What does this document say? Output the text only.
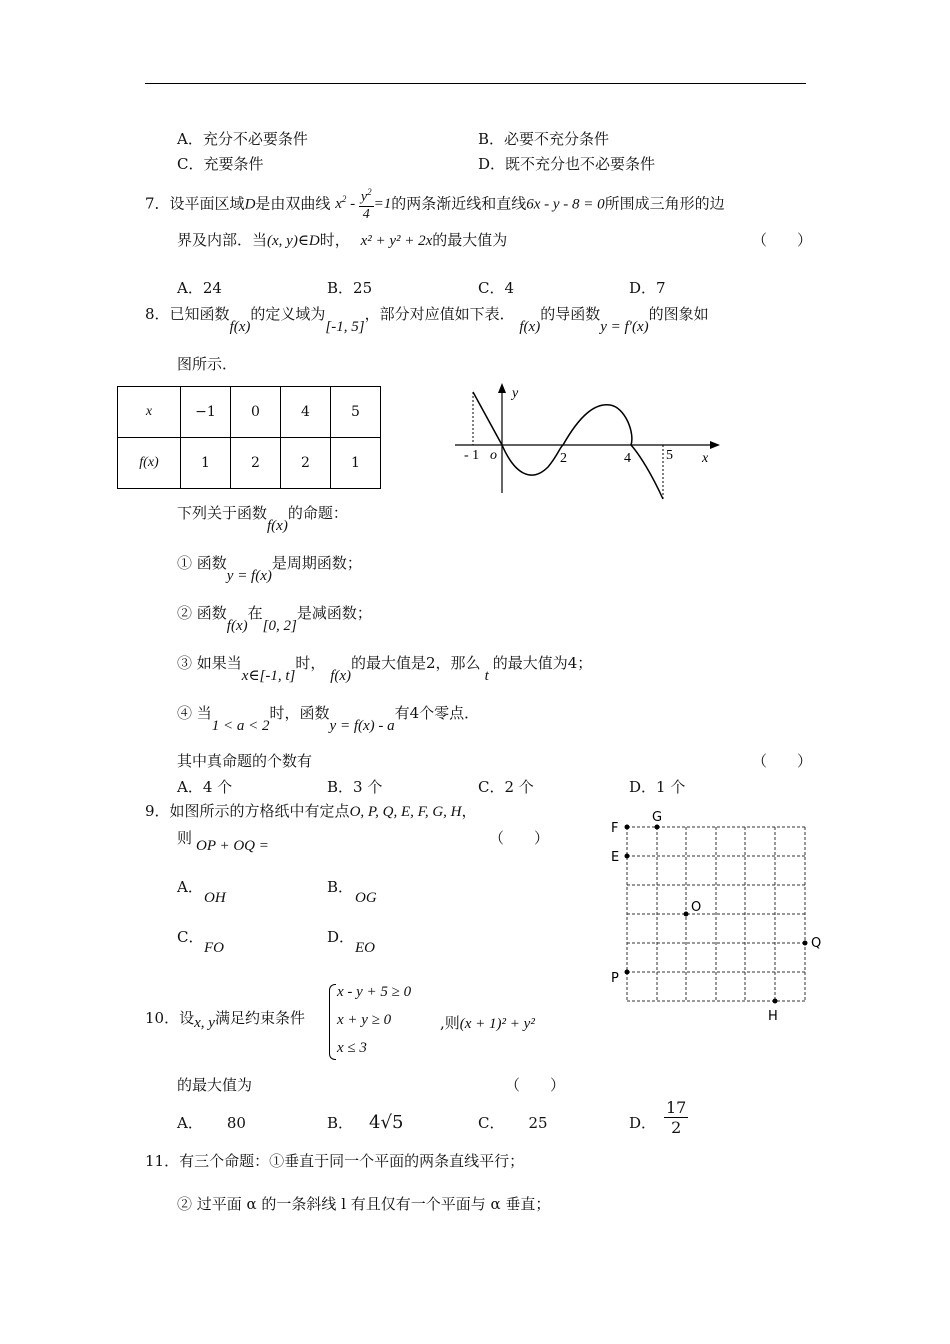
A．充分不必要条件	B．必要不充分条件
C．充要条件	D．既不充分也不必要条件
7．设平面区域D是由双曲线 $x^2 - \frac{y^2}{4} =1$的两条渐近线和直线6x - y - 8 = 0所围成三角形的边
界及内部．当(x, y)∈D时， x² + y² + 2x的最大值为	（　　）
A．24	B．25	C．4	D．7
8．已知函数f(x)的定义域为[-1, 5]，部分对应值如下表． f(x)的导函数y = f′(x)的图象如
图所示．
x	−1	0	4	5
f(x)	1	2	2	1
y
x
o
- 1	2	4	5
下列关于函数f(x)的命题：
① 函数y = f(x)是周期函数；
② 函数f(x)在[0, 2]是减函数；
③ 如果当x∈[-1, t]时， f(x)的最大值是2，那么t的最大值为4；
④ 当1 < a < 2时，函数y = f(x) - a有4个零点．
其中真命题的个数有	（　　）
A．4 个	B．3 个	C．2 个	D．1 个
9．如图所示的方格纸中有定点O, P, Q, E, F, G, H，
则 OP + OQ =	（　　）
A．
OH
B．
OG
C．
FO
D．
EO
F
G
E
O
Q
P
H
10．设x, y满足约束条件
x - y + 5 ≥ 0
x + y ≥ 0
x ≤ 3
,则(x + 1)² + y²
的最大值为	（　　）
A． 80	B． 4√5	C． 25	D． $\frac{17}{2}$
11．有三个命题：①垂直于同一个平面的两条直线平行；
② 过平面 α 的一条斜线 l 有且仅有一个平面与 α 垂直；
